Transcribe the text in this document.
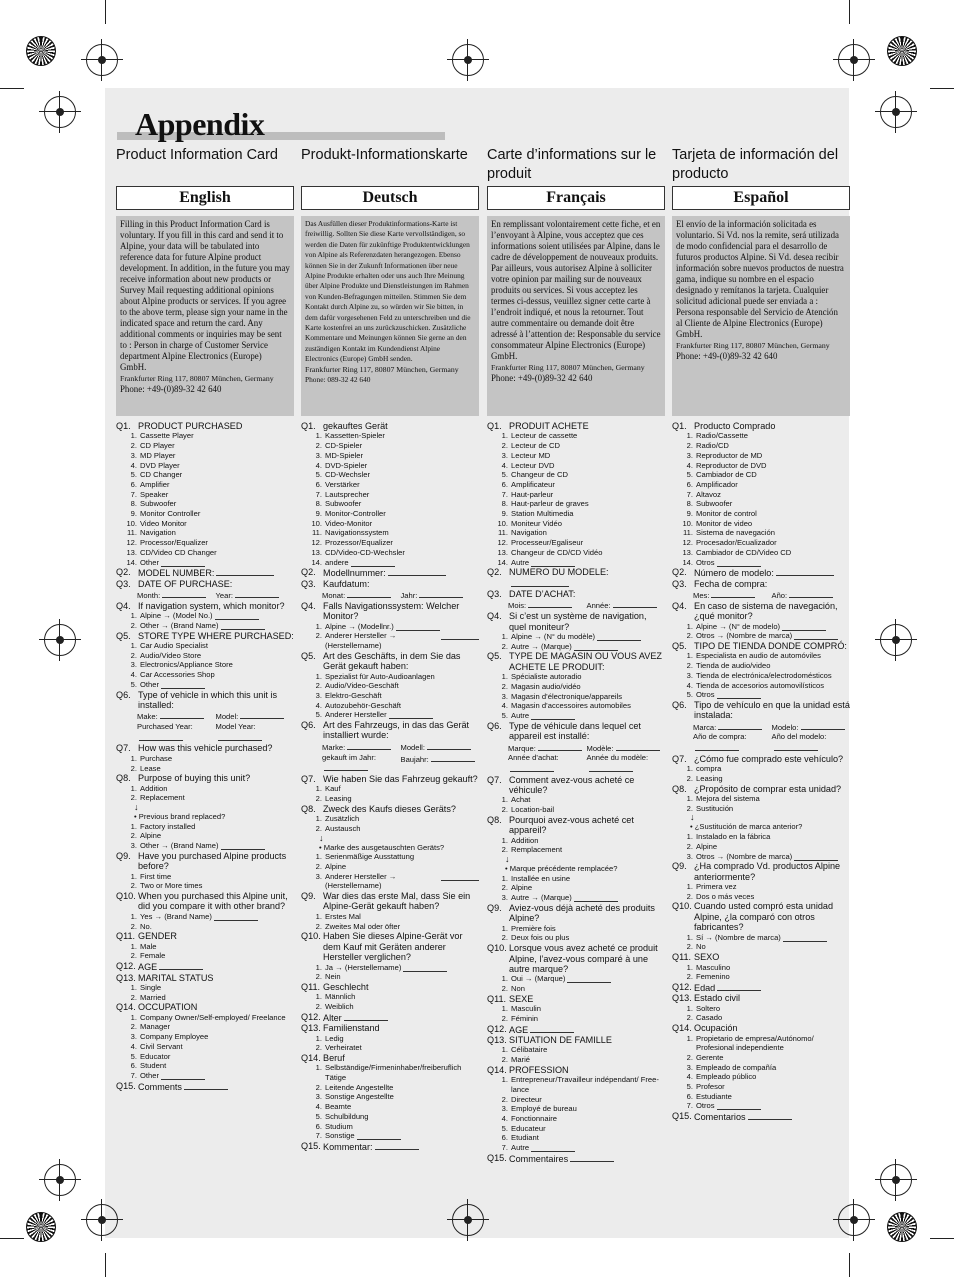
Appendix
Product Information Card
English
Filling in this Product Information Card is voluntary. If you fill in this card and send it to Alpine, your data will be tabulated into reference data for future Alpine product development. In addition, in the future you may receive information about new products or Survey Mail requesting additional opinions about Alpine products or services. If you agree to the above term, please sign your name in the indicated space and return the card. Any additional comments or inquiries may be sent to : Person in charge of Customer Service department Alpine Electronics (Europe) GmbH.
Frankfurter Ring 117, 80807 München, Germany
Phone: +49-(0)89-32 42 640
Q1. PRODUCT PURCHASED
1. Cassette Player
2. CD Player
3. MD Player
4. DVD Player
5. CD Changer
6. Amplifier
7. Speaker
8. Subwoofer
9. Monitor Controller
10. Video Monitor
11. Navigation
12. Processor/Equalizer
13. CD/Video CD Changer
14. Other
Q2. MODEL NUMBER:
Q3. DATE OF PURCHASE:
Month:	Year:
Q4. If navigation system, which monitor?
1. Alpine → (Model No.)
2. Other → (Brand Name)
Q5. STORE TYPE WHERE PURCHASED:
1. Car Audio Specialist
2. Audio/Video Store
3. Electronics/Appliance Store
4. Car Accessories Shop
5. Other
Q6. Type of vehicle in which this unit is installed:
Make:	Model:
Purchased Year:	Model Year:
Q7. How was this vehicle purchased?
1. Purchase
2. Lease
Q8. Purpose of buying this unit?
1. Addition
2. Replacement
↓
• Previous brand replaced?
1. Factory installed
2. Alpine
3. Other → (Brand Name)
Q9. Have you purchased Alpine products before?
1. First time
2. Two or More times
Q10. When you purchased this Alpine unit, did you compare it with other brand?
1. Yes → (Brand Name)
2. No.
Q11. GENDER
1. Male
2. Female
Q12. AGE
Q13. MARITAL STATUS
1. Single
2. Married
Q14. OCCUPATION
1. Company Owner/Self-employed/ Freelance
2. Manager
3. Company Employee
4. Civil Servant
5. Educator
6. Student
7. Other
Q15. Comments
Produkt-Informationskarte
Deutsch
Das Ausfüllen dieser Produktinformations-Karte ist freiwillig. Sollten Sie diese Karte vervollständigen, so werden die Daten für zukünftige Produktentwicklungen von Alpine als Referenzdaten herangezogen. Ebenso können Sie in der Zukunft Informationen über neue Alpine Produkte erhalten oder uns auch Ihre Meinung über Alpine Produkte und Dienstleistungen im Rahmen von Kunden-Befragungen mitteilen. Stimmen Sie dem Kontakt durch Alpine zu, so würden wir Sie bitten, in dem dafür vorgesehenen Feld zu unterschreiben und die Karte kostenfrei an uns zurückzuschicken. Zusätzliche Kommentare und Meinungen können Sie gerne an den zuständigen Kontakt im Kundendienst Alpine Electronics (Europe) GmbH senden.
Frankfurter Ring 117, 80807 München, Germany
Phone: 089-32 42 640
Q1. gekauftes Gerät
1. Kassetten-Spieler
2. CD-Spieler
3. MD-Spieler
4. DVD-Spieler
5. CD-Wechsler
6. Verstärker
7. Lautsprecher
8. Subwoofer
9. Monitor-Controller
10. Video-Monitor
11. Navigationssystem
12. Prozessor/Equalizer
13. CD/Video-CD-Wechsler
14. andere
Q2. Modellnummer:
Q3. Kaufdatum:
Monat:	Jahr:
Q4. Falls Navigationssystem: Welcher Monitor?
1. Alpine → (Modellnr.)
2. Anderer Hersteller → (Herstellername)
Q5. Art des Geschäfts, in dem Sie das Gerät gekauft haben:
1. Spezialist für Auto-Audioanlagen
2. Audio/Video-Geschäft
3. Elektro-Geschäft
4. Autozubehör-Geschäft
5. Anderer Hersteller
Q6. Art des Fahrzeugs, in das das Gerät installiert wurde:
Marke:	Modell:
gekauft im Jahr:	Baujahr:
Q7. Wie haben Sie das Fahrzeug gekauft?
1. Kauf
2. Leasing
Q8. Zweck des Kaufs dieses Geräts?
1. Zusätzlich
2. Austausch
↓
• Marke des ausgetauschten Geräts?
1. Serienmäßige Ausstattung
2. Alpine
3. Anderer Hersteller → (Herstellername)
Q9. War dies das erste Mal, dass Sie ein Alpine-Gerät gekauft haben?
1. Erstes Mal
2. Zweites Mal oder öfter
Q10. Haben Sie dieses Alpine-Gerät vor dem Kauf mit Geräten anderer Hersteller verglichen?
1. Ja → (Herstellername)
2. Nein
Q11. Geschlecht
1. Männlich
2. Weiblich
Q12. Alter
Q13. Familienstand
1. Ledig
2. Verheiratet
Q14. Beruf
1. Selbständige/Firmeninhaber/freiberuflich Tätige
2. Leitende Angestellte
3. Sonstige Angestellte
4. Beamte
5. Schulbildung
6. Studium
7. Sonstige
Q15. Kommentar:
Carte d’informations sur le produit
Français
En remplissant volontairement cette fiche, et en l’envoyant à Alpine, vous acceptez que ces informations soient utilisées par Alpine, dans le cadre de développement de nouveaux produits. Par ailleurs, vous autorisez Alpine à solliciter votre opinion par mailing sur de nouveaux produits ou services. Si vous acceptez les termes ci-dessus, veuillez signer cette carte à l’endroit indiqué, et nous la retourner. Tout autre commentaire ou demande doit être adressé à l’attention de: Responsable du service consommateur Alpine Electronics (Europe) GmbH.
Frankfurter Ring 117, 80807 München, Germany
Phone: +49-(0)89-32 42 640
Q1. PRODUIT ACHETE
1. Lecteur de cassette
2. Lecteur de CD
3. Lecteur MD
4. Lecteur DVD
5. Changeur de CD
6. Amplificateur
7. Haut-parleur
8. Haut-parleur de graves
9. Station Multimedia
10. Moniteur Vidéo
11. Navigation
12. Processeur/Egaliseur
13. Changeur de CD/CD Vidéo
14. Autre
Q2. NUMERO DU MODELE:
Q3. DATE D’ACHAT:
Mois:	Année:
Q4. Si c’est un système de navigation, quel moniteur?
1. Alpine → (N° du modèle)
2. Autre → (Marque)
Q5. TYPE DE MAGASIN OU VOUS AVEZ ACHETE LE PRODUIT:
1. Spécialiste autoradio
2. Magasin audio/vidéo
3. Magasin d’électronique/appareils
4. Magasin d’accessoires automobiles
5. Autre
Q6. Type de véhicule dans lequel cet appareil est installé:
Marque:	Modèle:
Année d’achat:	Année du modèle:
Q7. Comment avez-vous acheté ce véhicule?
1. Achat
2. Location-bail
Q8. Pourquoi avez-vous acheté cet appareil?
1. Addition
2. Remplacement
↓
• Marque précédente remplacée?
1. Installée en usine
2. Alpine
3. Autre → (Marque)
Q9. Aviez-vous déjà acheté des produits Alpine?
1. Première fois
2. Deux fois ou plus
Q10. Lorsque vous avez acheté ce produit Alpine, l’avez-vous comparé à une autre marque?
1. Oui → (Marque)
2. Non
Q11. SEXE
1. Masculin
2. Féminin
Q12. AGE
Q13. SITUATION DE FAMILLE
1. Célibataire
2. Marié
Q14. PROFESSION
1. Entrepreneur/Travailleur indépendant/ Free-lance
2. Directeur
3. Employé de bureau
4. Fonctionnaire
5. Educateur
6. Etudiant
7. Autre
Q15. Commentaires
Tarjeta de información del producto
Español
El envío de la información solicitada es voluntario. Si Vd. nos la remite, será utilizada de modo confidencial para el desarrollo de futuros productos Alpine. Si Vd. desea recibir información sobre nuevos productos de nuestra gama, indique su nombre en el espacio designado y remítanos la tarjeta. Cualquier solicitud adicional puede ser enviada a : Persona responsable del Servicio de Atención al Cliente de Alpine Electronics (Europe) GmbH.
Frankfurter Ring 117, 80807 München, Germany
Phone: +49-(0)89-32 42 640
Q1. Producto Comprado
1. Radio/Cassette
2. Radio/CD
3. Reproductor de MD
4. Reproductor de DVD
5. Cambiador de CD
6. Amplificador
7. Altavoz
8. Subwoofer
9. Monitor de control
10. Monitor de video
11. Sistema de navegación
12. Procesador/Ecualizador
13. Cambiador de CD/Video CD
14. Otros
Q2. Número de modelo:
Q3. Fecha de compra:
Mes:	Año:
Q4. En caso de sistema de navegación, ¿qué monitor?
1. Alpine → (N° de modelo)
2. Otros → (Nombre de marca)
Q5. TIPO DE TIENDA DONDE COMPRÓ:
1. Especialista en audio de automóviles
2. Tienda de audio/video
3. Tienda de electrónica/electrodomésticos
4. Tienda de accesorios automovilísticos
5. Otros
Q6. Tipo de vehículo en que la unidad está instalada:
Marca:	Modelo:
Año de compra:	Año del modelo:
Q7. ¿Cómo fue comprado este vehículo?
1. compra
2. Leasing
Q8. ¿Propósito de comprar esta unidad?
1. Mejora del sistema
2. Sustitución
↓
• ¿Sustitución de marca anterior?
1. Instalado en la fábrica
2. Alpine
3. Otros → (Nombre de marca)
Q9. ¿Ha comprado Vd. productos Alpine anteriormente?
1. Primera vez
2. Dos o más veces
Q10. Cuando usted compró esta unidad Alpine, ¿la comparó con otros fabricantes?
1. Sí → (Nombre de marca)
2. No
Q11. SEXO
1. Masculino
2. Femenino
Q12. Edad
Q13. Estado civil
1. Soltero
2. Casado
Q14. Ocupación
1. Propietario de empresa/Autónomo/ Profesional independiente
2. Gerente
3. Empleado de compañía
4. Empleado público
5. Profesor
6. Estudiante
7. Otros
Q15. Comentarios
